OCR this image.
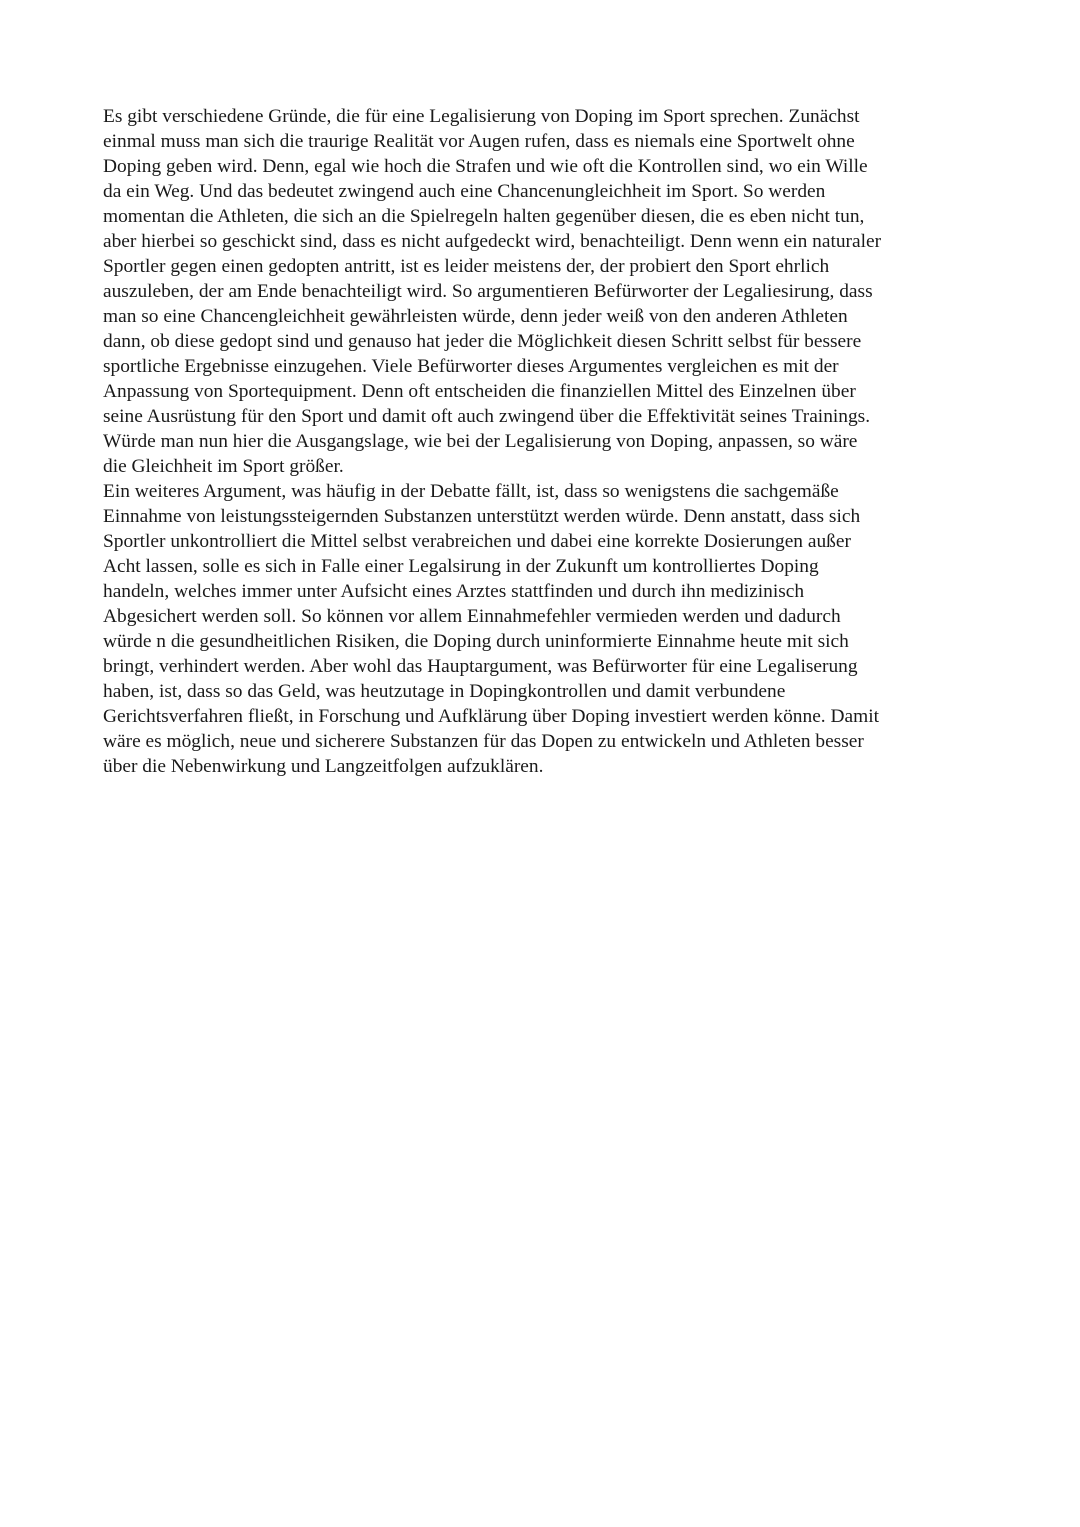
Es gibt verschiedene Gründe, die für eine Legalisierung von Doping im Sport sprechen. Zunächst
einmal muss man sich die traurige Realität vor Augen rufen, dass es niemals eine Sportwelt ohne
Doping geben wird. Denn, egal wie hoch die Strafen und wie oft die Kontrollen sind, wo ein Wille
da ein Weg. Und das bedeutet zwingend auch eine Chancenungleichheit im Sport. So werden
momentan die Athleten, die sich an die Spielregeln halten gegenüber diesen, die es eben nicht tun,
aber hierbei so geschickt sind, dass es nicht aufgedeckt wird, benachteiligt. Denn wenn ein naturaler
Sportler gegen einen gedopten antritt, ist es leider meistens der, der probiert den Sport ehrlich
auszuleben, der am Ende benachteiligt wird. So argumentieren Befürworter der Legaliesirung, dass
man so eine Chancengleichheit gewährleisten würde, denn jeder weiß von den anderen Athleten
dann, ob diese gedopt sind und genauso hat jeder die Möglichkeit diesen Schritt selbst für bessere
sportliche Ergebnisse einzugehen. Viele Befürworter dieses Argumentes vergleichen es mit der
Anpassung von Sportequipment. Denn oft entscheiden die finanziellen Mittel des Einzelnen über
seine Ausrüstung für den Sport und damit oft auch zwingend über die Effektivität seines Trainings.
Würde man nun hier die Ausgangslage, wie bei der Legalisierung von Doping, anpassen, so wäre
die Gleichheit im Sport größer.
Ein weiteres Argument, was häufig in der Debatte fällt, ist, dass so wenigstens die sachgemäße
Einnahme von leistungssteigernden Substanzen unterstützt werden würde. Denn anstatt, dass sich
Sportler unkontrolliert die Mittel selbst verabreichen und dabei eine korrekte Dosierungen außer
Acht lassen, solle es sich in Falle einer Legalsirung in der Zukunft um kontrolliertes Doping
handeln, welches immer unter Aufsicht eines Arztes stattfinden und durch ihn medizinisch
Abgesichert werden soll. So können vor allem Einnahmefehler vermieden werden und dadurch
würde n die gesundheitlichen Risiken, die Doping durch uninformierte Einnahme heute mit sich
bringt, verhindert werden. Aber wohl das Hauptargument, was Befürworter für eine Legaliserung
haben, ist, dass so das Geld, was heutzutage in Dopingkontrollen und damit verbundene
Gerichtsverfahren fließt, in Forschung und Aufklärung über Doping investiert werden könne. Damit
wäre es möglich, neue und sicherere Substanzen für das Dopen zu entwickeln und Athleten besser
über die Nebenwirkung und Langzeitfolgen aufzuklären.
